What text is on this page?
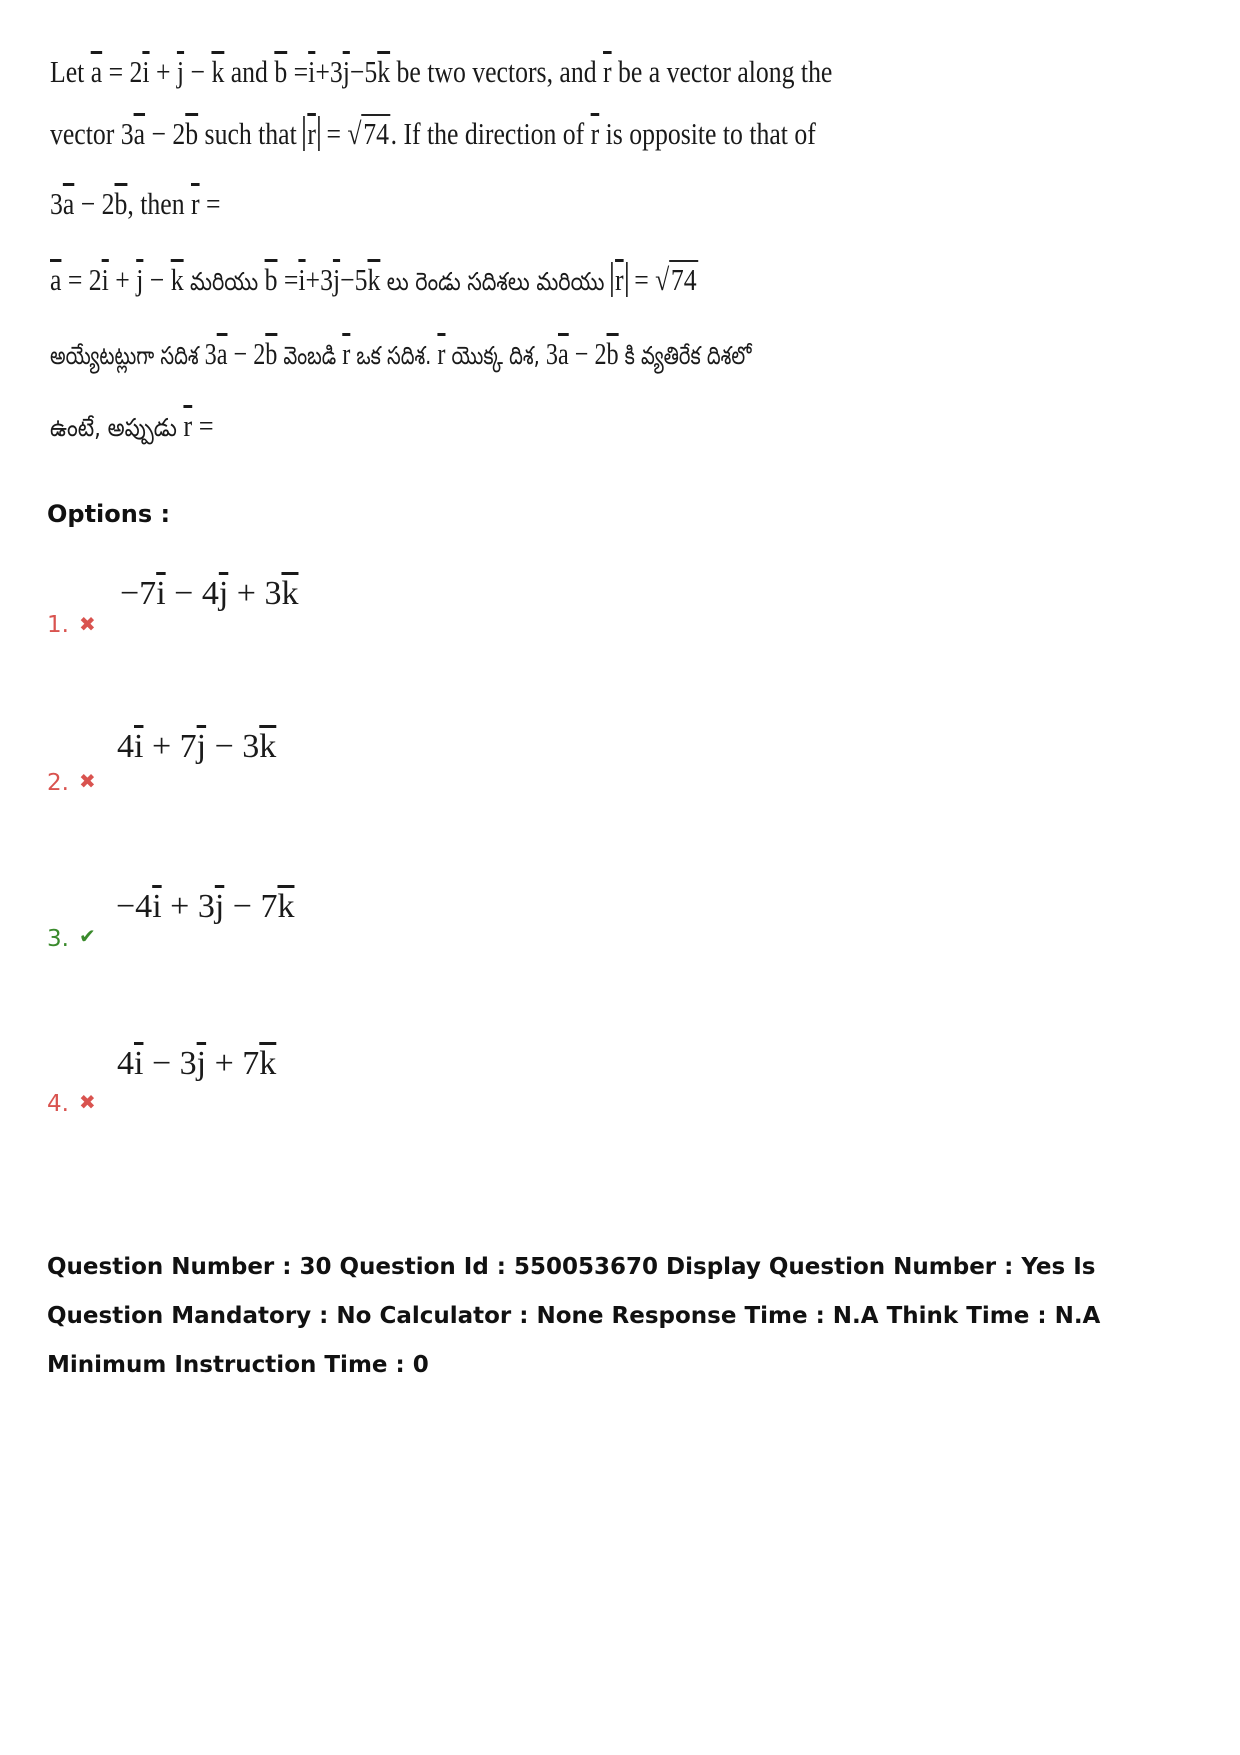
Let $\overline{a} = 2\overline{i} + \overline{j} - \overline{k}$ and $\overline{b} =\overline{i}+3\overline{j}-5\overline{k}$ be two vectors, and $\overline{r}$ be a vector along the
vector $3\overline{a} - 2\overline{b}$ such that $\overline{r} = √74$. If the direction of $\overline{r}$ is opposite to that of
$3\overline{a} - 2\overline{b}$, then $\overline{r}$ =
$\overline{a} = 2\overline{i} + \overline{j} - \overline{k}$ మరియు $\overline{b} =\overline{i}+3\overline{j}-5\overline{k}$ లు రెండు సదిశలు మరియు $\overline{r} = √74$
అయ్యేటట్లుగా సదిశ $3\overline{a} - 2\overline{b}$ వెంబడి $\overline{r}$ ఒక సదిశ. $\overline{r}$ యొక్క దిశ, $3\overline{a} - 2\overline{b}$ కి వ్యతిరేక దిశలో
ఉంటే, అప్పుడు $\overline{r}$ =
Options :
1. ✖
$-7\overline{i} - 4\overline{j} + 3\overline{k}$
2. ✖
$4\overline{i} + 7\overline{j} - 3\overline{k}$
3. ✔
$-4\overline{i} + 3\overline{j} - 7\overline{k}$
4. ✖
$4\overline{i} - 3\overline{j} + 7\overline{k}$
Question Number : 30 Question Id : 550053670 Display Question Number : Yes Is Question Mandatory : No Calculator : None Response Time : N.A Think Time : N.A Minimum Instruction Time : 0
